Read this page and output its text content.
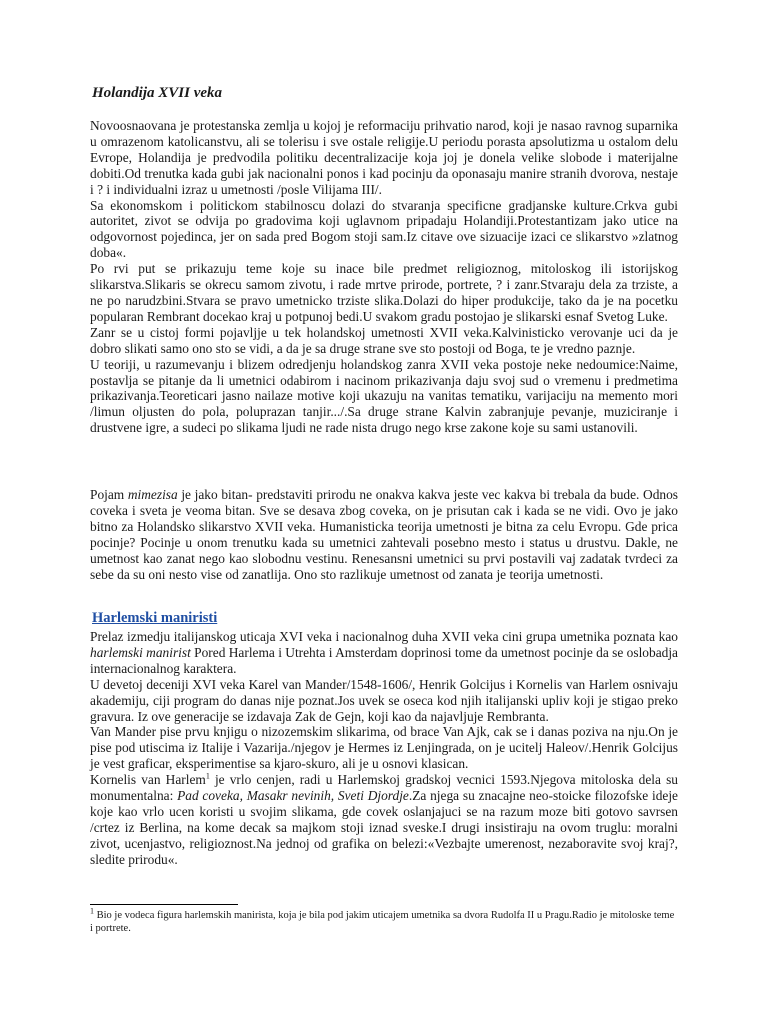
Holandija XVII veka

Novoosnaovana je protestanska zemlja u kojoj je reformaciju prihvatio narod, koji je nasao ravnog suparnika u omrazenom katolicanstvu, ali se tolerisu i sve ostale religije.U periodu porasta apsolutizma u ostalom delu Evrope, Holandija je predvodila politiku decentralizacije koja joj je donela velike slobode i materijalne dobiti.Od trenutka kada gubi jak nacionalni ponos i kad pocinju da oponasaju manire stranih dvorova, nestaje i ? i individualni izraz u umetnosti /posle Vilijama III/.

Sa ekonomskom i politickom stabilnoscu dolazi do stvaranja specificne gradjanske kulture.Crkva gubi autoritet, zivot se odvija po gradovima koji uglavnom pripadaju Holandiji.Protestantizam jako utice na odgovornost pojedinca, jer on sada pred Bogom stoji sam.Iz citave ove sizuacije izaci ce slikarstvo »zlatnog doba«.

Po rvi put se prikazuju teme koje su inace bile predmet religioznog, mitoloskog ili istorijskog slikarstva.Slikaris se okrecu samom zivotu, i rade mrtve prirode, portrete, ? i zanr.Stvaraju dela za trziste, a ne po narudzbini.Stvara se pravo umetnicko trziste slika.Dolazi do hiper produkcije, tako da je na pocetku popularan Rembrant docekao kraj u potpunoj bedi.U svakom gradu postojao je slikarski esnaf Svetog Luke.

Zanr se u cistoj formi pojavljje u tek holandskoj umetnosti XVII veka.Kalvinisticko verovanje uci da je dobro slikati samo ono sto se vidi, a da je sa druge strane sve sto postoji od Boga, te je vredno paznje.

U teoriji, u razumevanju i blizem odredjenju holandskog zanra XVII veka postoje neke nedoumice:Naime, postavlja se pitanje da li umetnici odabirom i nacinom prikazivanja daju svoj sud o vremenu i predmetima prikazivanja.Teoreticari jasno nailaze motive koji ukazuju na vanitas tematiku, varijaciju na memento mori /limun oljusten do pola, poluprazan tanjir.../.Sa druge strane Kalvin zabranjuje pevanje, muziciranje i drustvene igre, a sudeci po slikama ljudi ne rade nista drugo nego krse zakone koje su sami ustanovili.

Pojam mimezisa je jako bitan- predstaviti prirodu ne onakva kakva jeste vec kakva bi trebala da bude. Odnos coveka i sveta je veoma bitan. Sve se desava zbog coveka, on je prisutan cak i kada se ne vidi. Ovo je jako bitno za Holandsko slikarstvo XVII veka. Humanisticka teorija umetnosti je bitna za celu Evropu. Gde prica pocinje? Pocinje u onom trenutku kada su umetnici zahtevali posebno mesto i status u drustvu. Dakle, ne umetnost kao zanat nego kao slobodnu vestinu. Renesansni umetnici su prvi postavili vaj zadatak tvrdeci za sebe da su oni nesto vise od zanatlija. Ono sto razlikuje umetnost od zanata je teorija umetnosti.

Harlemski maniristi

Prelaz izmedju italijanskog uticaja XVI veka i nacionalnog duha XVII veka cini grupa umetnika poznata kao harlemski manirist Pored Harlema i Utrehta i Amsterdam doprinosi tome da umetnost pocinje da se oslobadja internacionalnog karaktera.

U devetoj deceniji XVI veka Karel van Mander/1548-1606/, Henrik Golcijus i Kornelis van Harlem osnivaju akademiju, ciji program do danas nije poznat.Jos uvek se oseca kod njih italijanski upliv koji je stigao preko gravura. Iz ove generacije se izdavaja Zak de Gejn, koji kao da najavljuje Rembranta.

Van Mander pise prvu knjigu o nizozemskim slikarima, od brace Van Ajk, cak se i danas poziva na nju.On je pise pod utiscima iz Italije i Vazarija./njegov je Hermes iz Lenjingrada, on je ucitelj Haleov/.Henrik Golcijus je vest graficar, eksperimentise sa kjaro-skuro, ali je u osnovi klasican.

Kornelis van Harlem$^1$ je vrlo cenjen, radi u Harlemskoj gradskoj vecnici 1593.Njegova mitoloska dela su monumentalna: Pad coveka, Masakr nevinih, Sveti Djordje.Za njega su znacajne neo-stoicke filozofske ideje koje kao vrlo ucen koristi u svojim slikama, gde covek oslanjajuci se na razum moze biti gotovo savrsen /crtez iz Berlina, na kome decak sa majkom stoji iznad sveske.I drugi insistiraju na ovom truglu: moralni zivot, ucenjastvo, religioznost.Na jednoj od grafika on belezi:«Vezbajte umerenost, nezaboravite svoj kraj?, sledite prirodu«.

$^1$ Bio je vodeca figura harlemskih manirista, koja je bila pod jakim uticajem umetnika sa dvora Rudolfa II u Pragu.Radio je mitoloske teme i portrete.
